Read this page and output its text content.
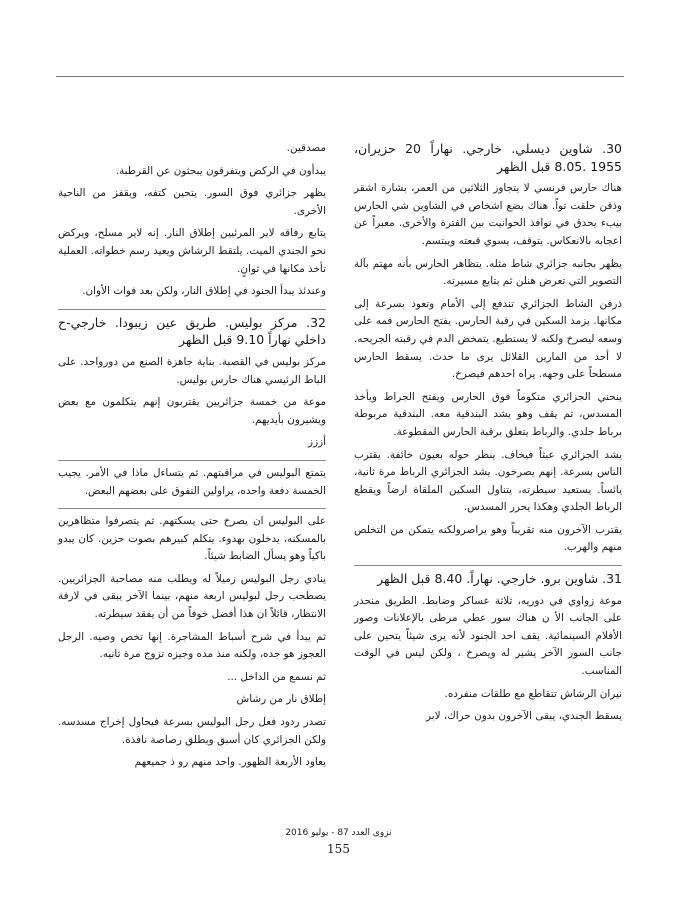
30. شاوين ديسلي. خارجي. نهاراً 20 حزيران، 1955 .8.05 قبل الظهر

هناك حارس فرنسي لا يتجاوز الثلاثين من العمر، بشارة اشقر وذقن حلقت تواً. هناك بضع اشخاص في الشاوين شي الحارس بيبء يحدق في نوافذ الحوانيت بين الفترة والأخرى. معبراً عن اعجابه بالانعكاس. يتوقف، يسوي قبعته ويبتسم.

يظهر بجانبه جزائري شاط مثله. يتظاهر الحارس بأنه مهتم بآلة التصوير التي تعرض هنلن ثم يتابع مسيرته.

ذرفن الشاط الجزائري تندفع إلى الأمام وتعود بسرعة إلى مكانها. يزمد السكين في رقبة الحارس. يفتح الحارس فمه على وسعه ليصرخ ولكنه لا يستطيع. يتمخض الدم في رقبته الجريحه. لا أحد من المارين القلائل يرى ما حدث. يسقط الحارس مسطحاً على وجهه. يراه احدهم فيصرخ.

ينحني الجزائري متكوماً فوق الحارس ويفتح الجراط ويأخذ المسدس، ثم يقف وهو يشد البندقية معه. البندقية مربوطة برباط جلدي. والرباط يتعلق برقبة الحارس المقطوعة.

يشد الجزائري عبثاً فيخاف. ينظر حوله بعيون خائفة. يقترب الناس بسرعة. إنهم يصرخون. يشد الجزائري الرباط مرة ثانية، يائساً. يستعيد سيطرته، يتناول السكين الملقاة ارضاً ويقطع الرباط الجلدي وهكذا يحرر المسدس.

يقترب الآخرون منه تقريباً وهو يراصرولكنه يتمكن من التخلص منهم والهرب.

31. شاوين برو. خارجي. نهاراً. 8.40 قبل الظهر

موعة زواوي في دوريه، ثلاثة عساكر وضابط. الطريق منحدر على الجانب الأ ن هناك سور عطي مرطى بالإعلانات وصور الأفلام السينمائية. يقف احد الجنود لأنه يرى شيئاً يتحين على جانب السور الآخر يشير له ويصرخ ، ولكن ليس في الوقت المناسب.

نيران الرشاش تتقاطع مع طلقات منفرده.

يسقط الجندي، يبقى الآخرون بدون حراك، لابر

مصدقين.

يبدأون في الركض ويتفرقون يبحثون عن القرطبة.

يظهر جزائري فوق السور. يتحين كتفه، ويقفز من الناحية الأخرى.

يتابع رفاقه لاير المرئيين إطلاق النار. إنه لاير مسلح، ويركض نحو الجندي الميت. يلتقط الرشاش ويعيد رسم خطواته. العملية تأخذ مكانها في ثوانٍ.

وعندئذ يبدأ الجنود في إطلاق النار، ولكن بعد فوات الأوان.

32. مركز بوليس. طريق عين زيبودا. خارجي-ح داخلي نهاراً 9.10 قبل الظهر

مركز بوليس في القصبة. بناية جاهزة الصنع من دورواحد. على الباط الرئيسي هناك حارس بوليس.

موعة من خمسة جزائريين يقتربون إنهم يتكلمون مع بعض ويشيرون بأيديهم.

أززز

يتمتع البوليس في مراقبتهم. ثم يتساءل ماذا في الأمر. يجيب الخمسة دفعة واحده، يراولين التفوق على بعضهم البعض.

على البوليس ان يصرخ حتى يسكتهم. ثم يتصرفوا متظاهرين بالمسكنه، يدخلون بهدوء. يتكلم كبيرهم بصوت حزين. كان يبدو باكياً وهو يسأل الضابط شيئاً.

ينادي رجل البوليس زميلاً له ويطلب منه مصاحبة الجزائريين. يصطحب رجل لبوليس اربعة منهم، بينما الآخر يبقى في لارفة الانتظار، قائلاً ان هذا أفضل خوفاً من أن يفقد سيطرته.

ثم يبدأ في شرح أسباط المشاجرة. إنها تخص وصيه. الرجل العجوز هو جده، ولكنه منذ مده وجيزه تزوج مرة ثانيه.

ثم نسمع من الداخل ...

إطلاق نار من رشاش

تصدر ردود فعل رجل البوليس بسرعة فيحاول إخراج مسدسه. ولكن الجزائري كان أسبق ويطلق رصاصة نافذة.

يعاود الأربعة الظهور. واحد منهم رو ذ جميعهم

نزوى العدد 87 - يوليو 2016
155
